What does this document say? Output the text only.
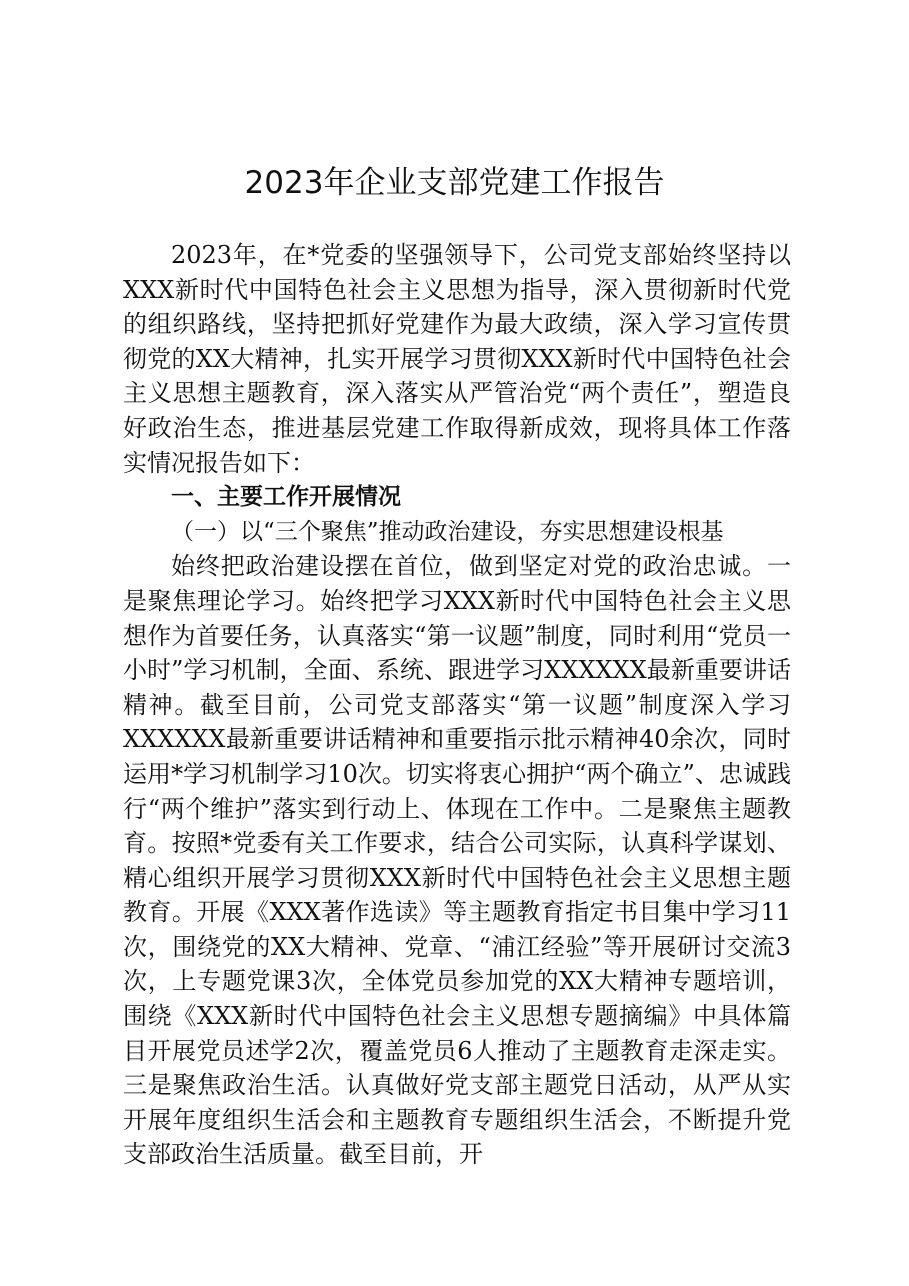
2023年企业支部党建工作报告

2023年，在*党委的坚强领导下，公司党支部始终坚持以XXX新时代中国特色社会主义思想为指导，深入贯彻新时代党的组织路线，坚持把抓好党建作为最大政绩，深入学习宣传贯彻党的XX大精神，扎实开展学习贯彻XXX新时代中国特色社会主义思想主题教育，深入落实从严管治党“两个责任”，塑造良好政治生态，推进基层党建工作取得新成效，现将具体工作落实情况报告如下：

一、主要工作开展情况

（一）以“三个聚焦”推动政治建设，夯实思想建设根基

始终把政治建设摆在首位，做到坚定对党的政治忠诚。一是聚焦理论学习。始终把学习XXX新时代中国特色社会主义思想作为首要任务，认真落实“第一议题”制度，同时利用“党员一小时”学习机制，全面、系统、跟进学习XXXXXX最新重要讲话精神。截至目前，公司党支部落实“第一议题”制度深入学习XXXXXX最新重要讲话精神和重要指示批示精神40余次，同时运用*学习机制学习10次。切实将衷心拥护“两个确立”、忠诚践行“两个维护”落实到行动上、体现在工作中。二是聚焦主题教育。按照*党委有关工作要求，结合公司实际，认真科学谋划、精心组织开展学习贯彻XXX新时代中国特色社会主义思想主题教育。开展《XXX著作选读》等主题教育指定书目集中学习11次，围绕党的XX大精神、党章、“浦江经验”等开展研讨交流3次，上专题党课3次，全体党员参加党的XX大精神专题培训，围绕《XXX新时代中国特色社会主义思想专题摘编》中具体篇目开展党员述学2次，覆盖党员6人推动了主题教育走深走实。三是聚焦政治生活。认真做好党支部主题党日活动，从严从实开展年度组织生活会和主题教育专题组织生活会，不断提升党支部政治生活质量。截至目前，开
